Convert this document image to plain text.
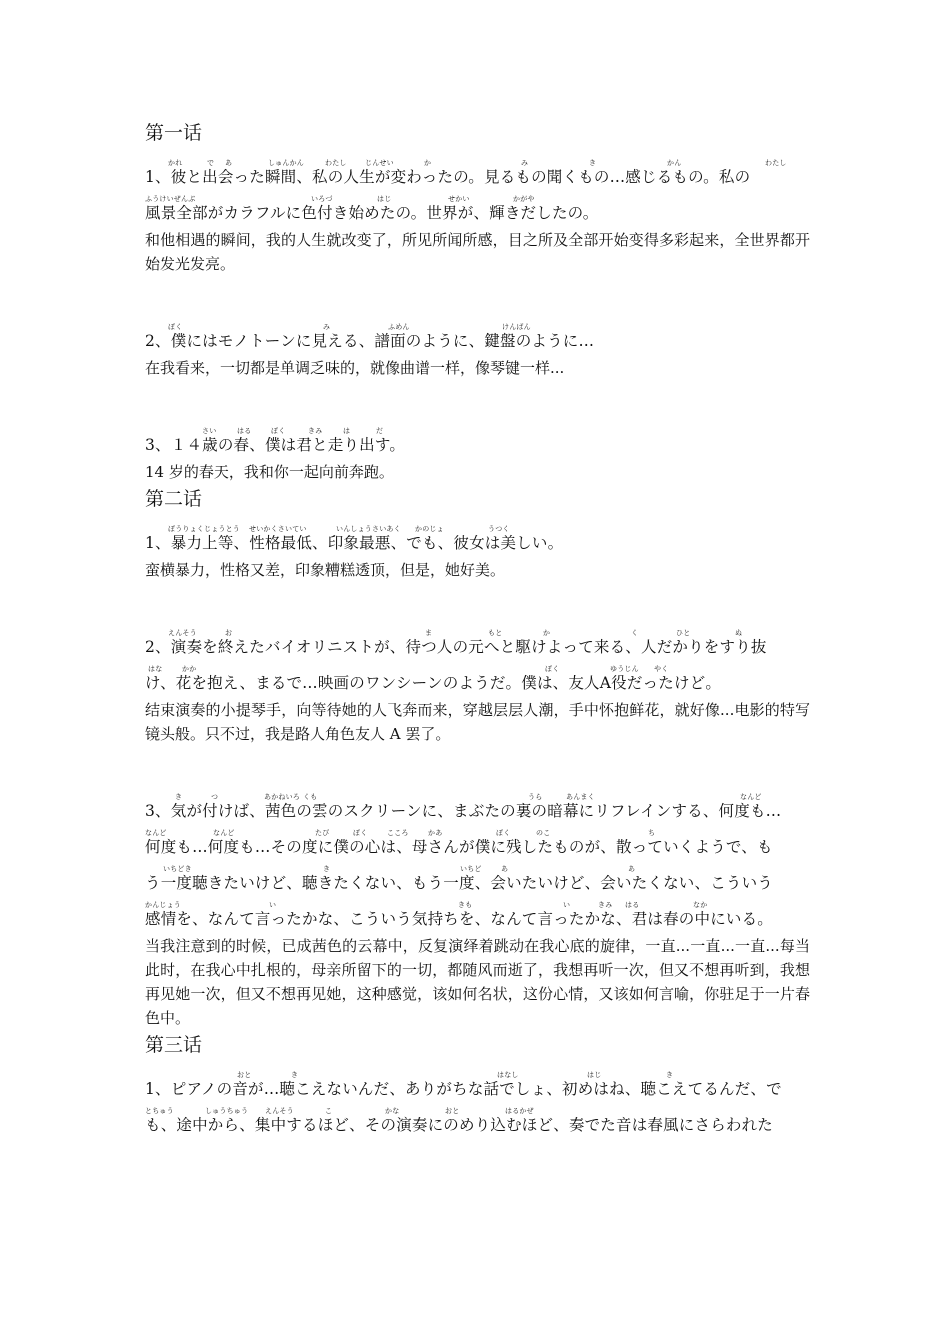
第一话
かれ	で あ	しゅんかん	わたし	じんせい	か	み	き	かん	わたし
1、彼と出会った瞬間、私の人生が変わったの。見るもの聞くもの…感じるもの。私の
ふうけいぜんぶ	いろづ	はじ	せかい	かがや
風景全部がカラフルに色付き始めたの。世界が、輝きだしたの。
和他相遇的瞬间，我的人生就改变了，所见所闻所感，目之所及全部开始变得多彩起来，全世界都开始发光发亮。
ぼく	み	ふめん	けんばん
2、僕にはモノトーンに見える、譜面のように、鍵盤のように…
在我看来，一切都是单调乏味的，就像曲谱一样，像琴键一样...
さい	はる	ぼく	きみ	は	だ
3、１４歳の春、僕は君と走り出す。
14 岁的春天，我和你一起向前奔跑。
第二话
ぼうりょくじょうとう せいかくさいてい	いんしょうさいあく かのじょ	うつく
1、暴力上等、性格最低、印象最悪、でも、彼女は美しい。
蛮横暴力，性格又差，印象糟糕透顶，但是，她好美。
えんそう	お	ま	もと	か	く	ひと	ぬ
2、演奏を終えたバイオリニストが、待つ人の元へと駆けよって来る、人だかりをすり抜
はな	かか	ぼく	ゆうじん やく
け、花を抱え、まるで…映画のワンシーンのようだ。僕は、友人A役だったけど。
结束演奏的小提琴手，向等待她的人飞奔而来，穿越层层人潮，手中怀抱鲜花，就好像...电影的特写镜头般。只不过，我是路人角色友人 A 罢了。
き	つ	あかねいろ くも	うら	あんまく	なんど
3、気が付けば、茜色の雲のスクリーンに、まぶたの裏の暗幕にリフレインする、何度も…
なんど	なんど	たび	ぼく	こころ	かあ	ぼく	のこ	ち
何度も…何度も…その度に僕の心は、母さんが僕に残したものが、散っていくようで、も
いちどき	き	いちど	あ	あ
う一度聴きたいけど、聴きたくない、もう一度、会いたいけど、会いたくない、こういう
かんじょう	い	きも	い	きみ はる	なか
感情を、なんて言ったかな、こういう気持ちを、なんて言ったかな、君は春の中にいる。
当我注意到的时候，已成茜色的云幕中，反复演绎着跳动在我心底的旋律，一直...一直...一直...每当此时，在我心中扎根的，母亲所留下的一切，都随风而逝了，我想再听一次，但又不想再听到，我想再见她一次，但又不想再见她，这种感觉，该如何名状，这份心情，又该如何言喻，你驻足于一片春色中。
第三话
おと	き	はなし	はじ	き
1、ピアノの音が…聴こえないんだ、ありがちな話でしょ、初めはね、聴こえてるんだ、で
とちゅう	しゅうちゅう えんそう	こ	かな	おと	はるかぜ
も、途中から、集中するほど、その演奏にのめり込むほど、奏でた音は春風にさらわれた
